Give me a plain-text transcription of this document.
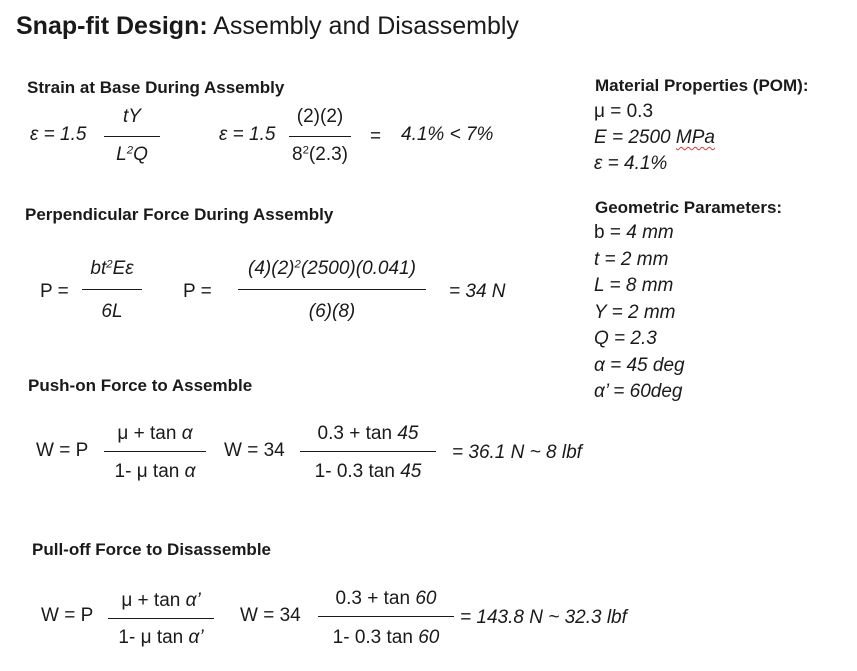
Snap-fit Design: Assembly and Disassembly
Strain at Base During Assembly
ε = 1.5
tY
$L^2Q$
ε = 1.5
(2)(2)
$8^2(2.3)$
= 4.1% < 7%
Perpendicular Force During Assembly
P =
$bt^2E\varepsilon$
6L
P =
$(4)(2)^2(2500)(0.041)$
(6)(8)
= 34 N
Push-on Force to Assemble
W = P
μ + tan α
1- μ tan α
W = 34
0.3 + tan 45
1- 0.3 tan 45
= 36.1 N ~ 8 lbf
Pull-off Force to Disassemble
W = P
μ + tan α’
1- μ tan α’
W = 34
0.3 + tan 60
1- 0.3 tan 60
= 143.8 N ~ 32.3 lbf
Material Properties (POM):
μ = 0.3
E = 2500 MPa
ε = 4.1%
Geometric Parameters:
b = 4 mm
t = 2 mm
L = 8 mm
Y = 2 mm
Q = 2.3
α = 45 deg
α’ = 60deg
